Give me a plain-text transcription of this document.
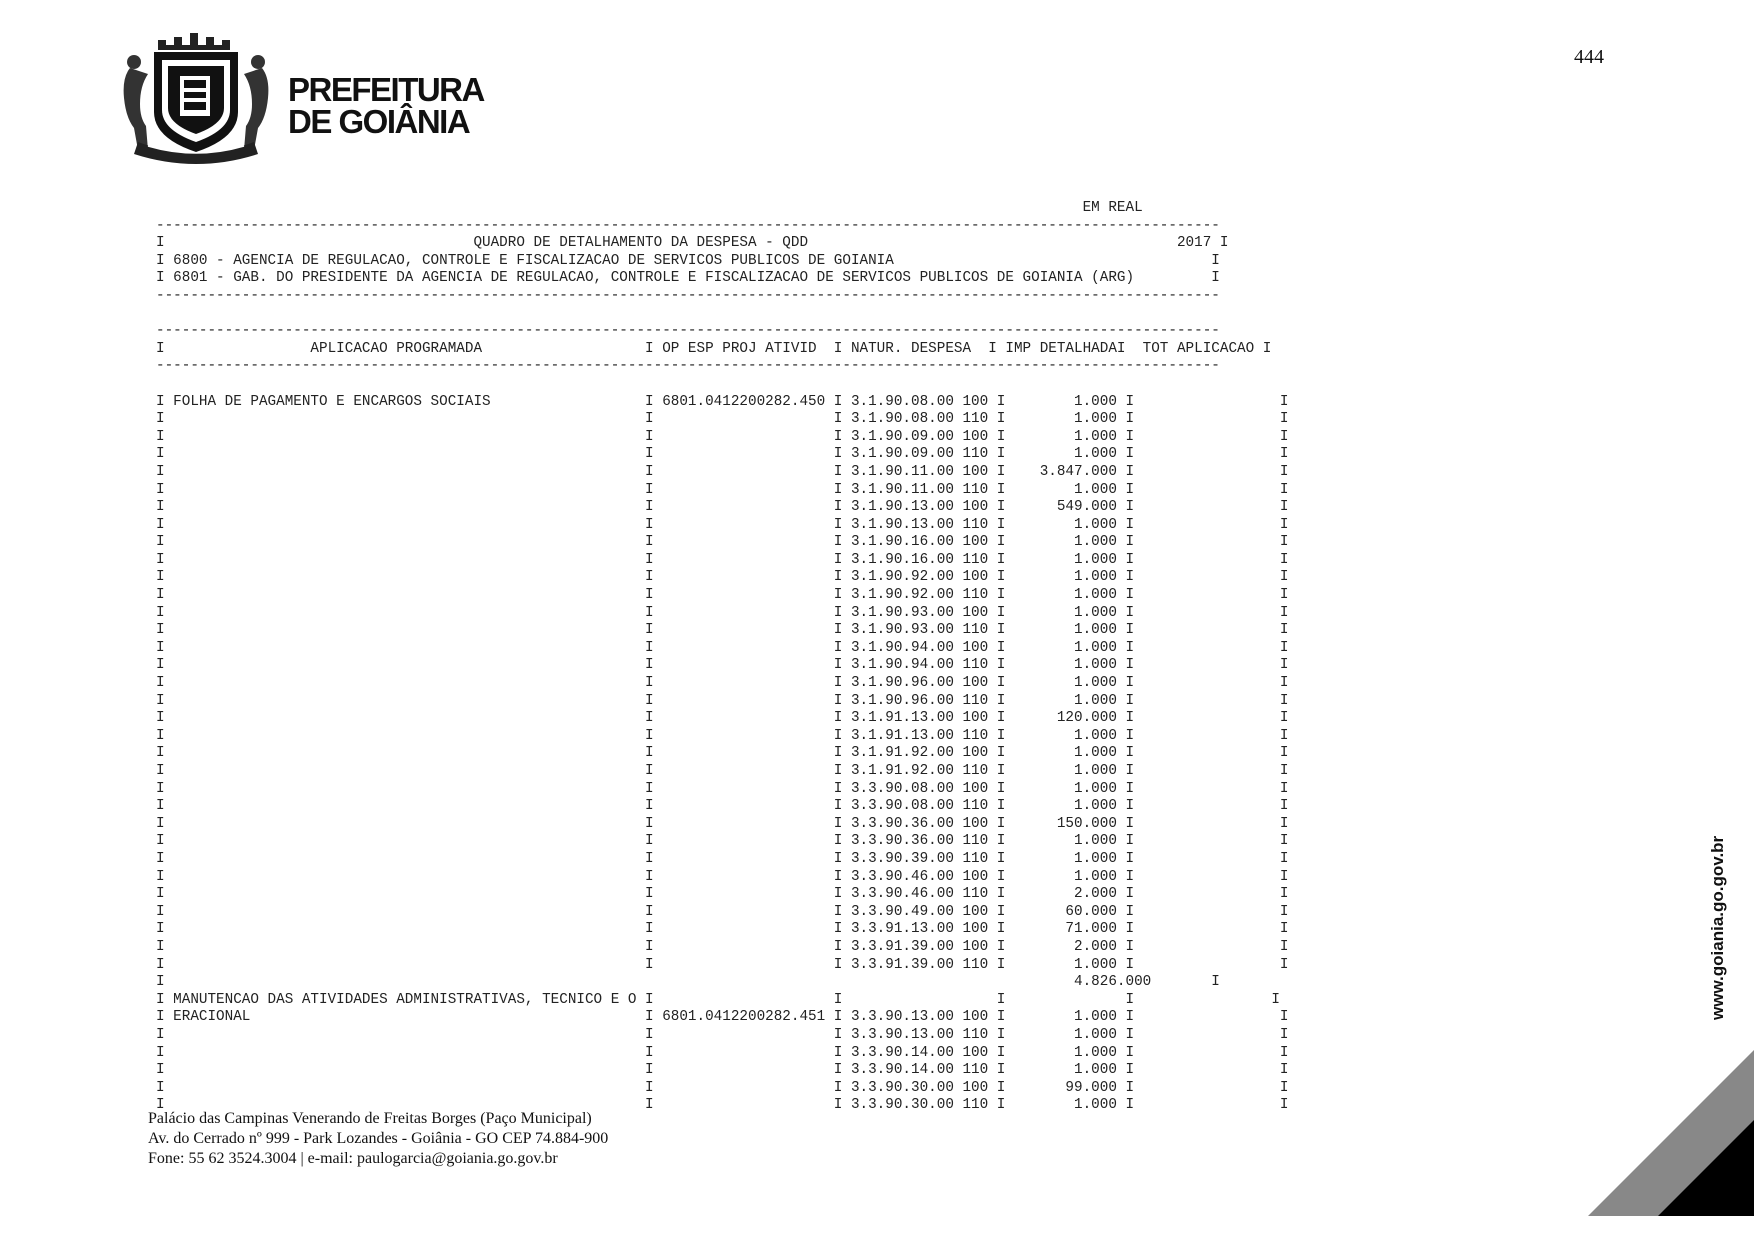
PREFEITURA
DE GOIÂNIA
444
EM REAL
----------------------------------------------------------------------------------------------------------------------------
I                                    QUADRO DE DETALHAMENTO DA DESPESA - QDD                                           2017 I
I 6800 - AGENCIA DE REGULACAO, CONTROLE E FISCALIZACAO DE SERVICOS PUBLICOS DE GOIANIA                                     I
I 6801 - GAB. DO PRESIDENTE DA AGENCIA DE REGULACAO, CONTROLE E FISCALIZACAO DE SERVICOS PUBLICOS DE GOIANIA (ARG)         I
----------------------------------------------------------------------------------------------------------------------------
----------------------------------------------------------------------------------------------------------------------------
I                 APLICACAO PROGRAMADA                   I OP ESP PROJ ATIVID  I NATUR. DESPESA  I IMP DETALHADAI  TOT APLICACAO I
----------------------------------------------------------------------------------------------------------------------------
I FOLHA DE PAGAMENTO E ENCARGOS SOCIAIS                  I 6801.0412200282.450 I 3.1.90.08.00 100 I        1.000 I                 I
I                                                        I                     I 3.1.90.08.00 110 I        1.000 I                 I
I                                                        I                     I 3.1.90.09.00 100 I        1.000 I                 I
I                                                        I                     I 3.1.90.09.00 110 I        1.000 I                 I
I                                                        I                     I 3.1.90.11.00 100 I    3.847.000 I                 I
I                                                        I                     I 3.1.90.11.00 110 I        1.000 I                 I
I                                                        I                     I 3.1.90.13.00 100 I      549.000 I                 I
I                                                        I                     I 3.1.90.13.00 110 I        1.000 I                 I
I                                                        I                     I 3.1.90.16.00 100 I        1.000 I                 I
I                                                        I                     I 3.1.90.16.00 110 I        1.000 I                 I
I                                                        I                     I 3.1.90.92.00 100 I        1.000 I                 I
I                                                        I                     I 3.1.90.92.00 110 I        1.000 I                 I
I                                                        I                     I 3.1.90.93.00 100 I        1.000 I                 I
I                                                        I                     I 3.1.90.93.00 110 I        1.000 I                 I
I                                                        I                     I 3.1.90.94.00 100 I        1.000 I                 I
I                                                        I                     I 3.1.90.94.00 110 I        1.000 I                 I
I                                                        I                     I 3.1.90.96.00 100 I        1.000 I                 I
I                                                        I                     I 3.1.90.96.00 110 I        1.000 I                 I
I                                                        I                     I 3.1.91.13.00 100 I      120.000 I                 I
I                                                        I                     I 3.1.91.13.00 110 I        1.000 I                 I
I                                                        I                     I 3.1.91.92.00 100 I        1.000 I                 I
I                                                        I                     I 3.1.91.92.00 110 I        1.000 I                 I
I                                                        I                     I 3.3.90.08.00 100 I        1.000 I                 I
I                                                        I                     I 3.3.90.08.00 110 I        1.000 I                 I
I                                                        I                     I 3.3.90.36.00 100 I      150.000 I                 I
I                                                        I                     I 3.3.90.36.00 110 I        1.000 I                 I
I                                                        I                     I 3.3.90.39.00 110 I        1.000 I                 I
I                                                        I                     I 3.3.90.46.00 100 I        1.000 I                 I
I                                                        I                     I 3.3.90.46.00 110 I        2.000 I                 I
I                                                        I                     I 3.3.90.49.00 100 I       60.000 I                 I
I                                                        I                     I 3.3.91.13.00 100 I       71.000 I                 I
I                                                        I                     I 3.3.91.39.00 100 I        2.000 I                 I
I                                                        I                     I 3.3.91.39.00 110 I        1.000 I                 I
I                                                                                                          4.826.000       I
I MANUTENCAO DAS ATIVIDADES ADMINISTRATIVAS, TECNICO E O I                     I                  I              I                I
I ERACIONAL                                              I 6801.0412200282.451 I 3.3.90.13.00 100 I        1.000 I                 I
I                                                        I                     I 3.3.90.13.00 110 I        1.000 I                 I
I                                                        I                     I 3.3.90.14.00 100 I        1.000 I                 I
I                                                        I                     I 3.3.90.14.00 110 I        1.000 I                 I
I                                                        I                     I 3.3.90.30.00 100 I       99.000 I                 I
I                                                        I                     I 3.3.90.30.00 110 I        1.000 I                 I
Palácio das Campinas Venerando de Freitas Borges (Paço Municipal)
Av. do Cerrado nº 999 - Park Lozandes - Goiânia - GO CEP 74.884-900
Fone: 55 62 3524.3004 | e-mail: paulogarcia@goiania.go.gov.br
www.goiania.go.gov.br
